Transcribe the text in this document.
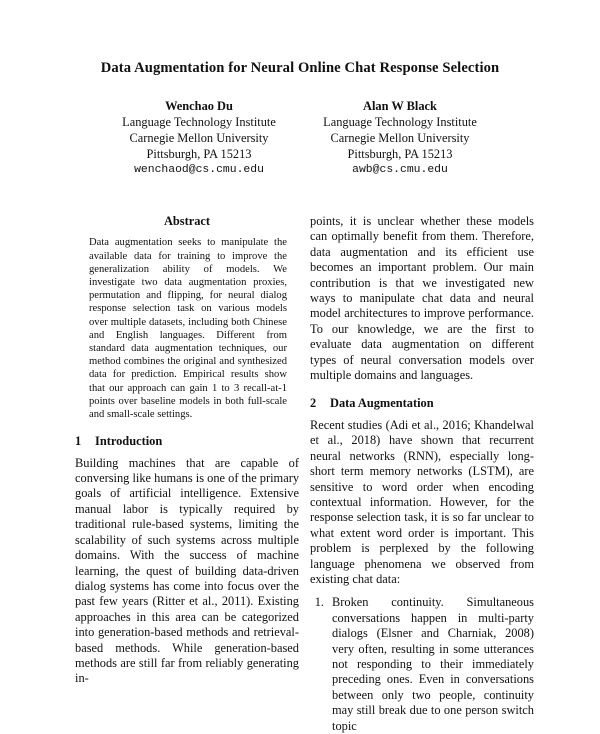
Data Augmentation for Neural Online Chat Response Selection
Wenchao Du
Language Technology Institute
Carnegie Mellon University
Pittsburgh, PA 15213
wenchaod@cs.cmu.edu
Alan W Black
Language Technology Institute
Carnegie Mellon University
Pittsburgh, PA 15213
awb@cs.cmu.edu
Abstract

Data augmentation seeks to manipulate the available data for training to improve the generalization ability of models. We investigate two data augmentation proxies, permutation and flipping, for neural dialog response selection task on various models over multiple datasets, including both Chinese and English languages. Different from standard data augmentation techniques, our method combines the original and synthesized data for prediction. Empirical results show that our approach can gain 1 to 3 recall-at-1 points over baseline models in both full-scale and small-scale settings.

1 Introduction

Building machines that are capable of conversing like humans is one of the primary goals of artificial intelligence. Extensive manual labor is typically required by traditional rule-based systems, limiting the scalability of such systems across multiple domains. With the success of machine learning, the quest of building data-driven dialog systems has come into focus over the past few years (Ritter et al., 2011). Existing approaches in this area can be categorized into generation-based methods and retrieval-based methods. While generation-based methods are still far from reliably generating in-

points, it is unclear whether these models can optimally benefit from them. Therefore, data augmentation and its efficient use becomes an important problem. Our main contribution is that we investigated new ways to manipulate chat data and neural model architectures to improve performance. To our knowledge, we are the first to evaluate data augmentation on different types of neural conversation models over multiple domains and languages.

2 Data Augmentation

Recent studies (Adi et al., 2016; Khandelwal et al., 2018) have shown that recurrent neural networks (RNN), especially long-short term memory networks (LSTM), are sensitive to word order when encoding contextual information. However, for the response selection task, it is so far unclear to what extent word order is important. This problem is perplexed by the following language phenomena we observed from existing chat data:

1. Broken continuity. Simultaneous conversations happen in multi-party dialogs (Elsner and Charniak, 2008) very often, resulting in some utterances not responding to their immediately preceding ones. Even in conversations between only two people, continuity may still break due to one person switch topic
